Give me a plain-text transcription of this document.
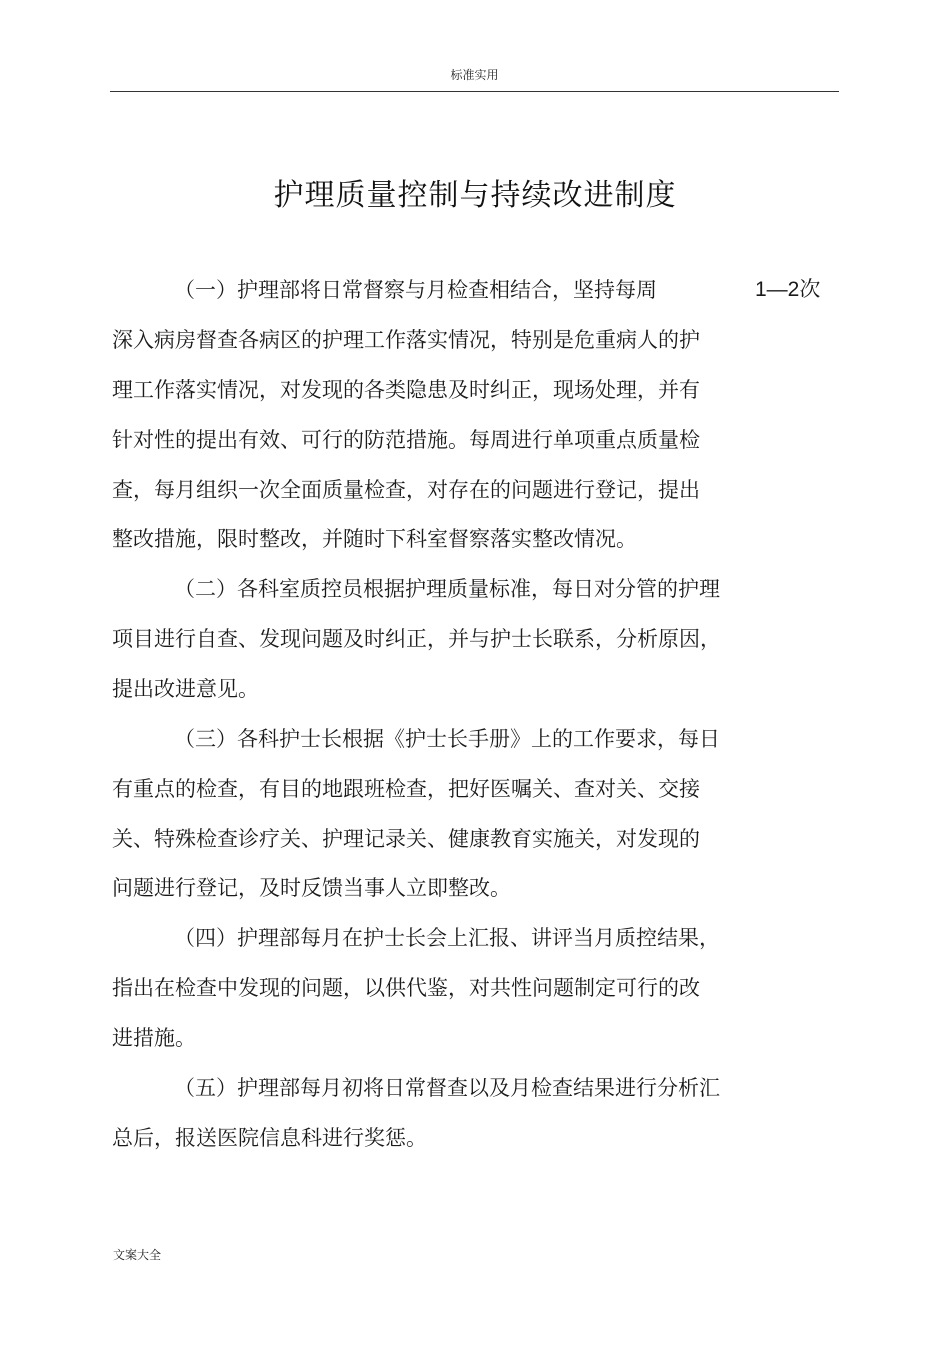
标准实用
护理质量控制与持续改进制度
（一）护理部将日常督察与月检查相结合，坚持每周	1—2次
深入病房督查各病区的护理工作落实情况，特别是危重病人的护
理工作落实情况，对发现的各类隐患及时纠正，现场处理，并有
针对性的提出有效、可行的防范措施。每周进行单项重点质量检
查，每月组织一次全面质量检查，对存在的问题进行登记，提出
整改措施，限时整改，并随时下科室督察落实整改情况。
（二）各科室质控员根据护理质量标准，每日对分管的护理
项目进行自查、发现问题及时纠正，并与护士长联系，分析原因，
提出改进意见。
（三）各科护士长根据《护士长手册》上的工作要求，每日
有重点的检查，有目的地跟班检查，把好医嘱关、查对关、交接
关、特殊检查诊疗关、护理记录关、健康教育实施关，对发现的
问题进行登记，及时反馈当事人立即整改。
（四）护理部每月在护士长会上汇报、讲评当月质控结果，
指出在检查中发现的问题，以供代鉴，对共性问题制定可行的改
进措施。
（五）护理部每月初将日常督查以及月检查结果进行分析汇
总后，报送医院信息科进行奖惩。
文案大全
